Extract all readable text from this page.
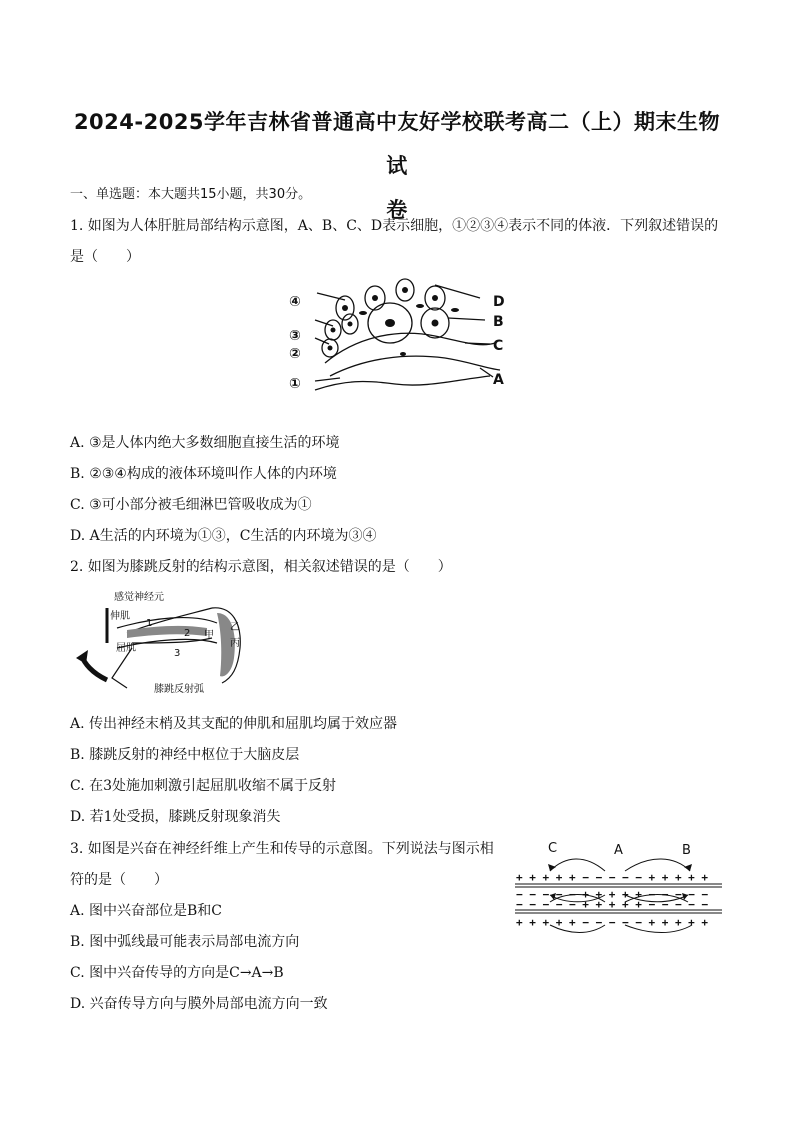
2024-2025学年吉林省普通高中友好学校联考高二（上）期末生物试
卷
一、单选题：本大题共15小题，共30分。
1. 如图为人体肝脏局部结构示意图，A、B、C、D表示细胞，①②③④表示不同的体液．下列叙述错误的
是（　　）
④
③
②
①
D
B
C
A
A. ③是人体内绝大多数细胞直接生活的环境
B. ②③④构成的液体环境叫作人体的内环境
C. ③可小部分被毛细淋巴管吸收成为①
D. A生活的内环境为①③，C生活的内环境为③④
2. 如图为膝跳反射的结构示意图，相关叙述错误的是（　　）
感觉神经元
伸肌
屈肌
膝跳反射弧
1
2
3
甲
乙
丙
A. 传出神经末梢及其支配的伸肌和屈肌均属于效应器
B. 膝跳反射的神经中枢位于大脑皮层
C. 在3处施加刺激引起屈肌收缩不属于反射
D. 若1处受损，膝跳反射现象消失
3. 如图是兴奋在神经纤维上产生和传导的示意图。下列说法与图示相
符的是（　　）
C	A	B
+ + + + + − − − − − + + + + +
− − − − − + + + + + − − − − −
− − − − − + + + + + − − − − −
+ + + + + − − − − − + + + + +
A. 图中兴奋部位是B和C
B. 图中弧线最可能表示局部电流方向
C. 图中兴奋传导的方向是C→A→B
D. 兴奋传导方向与膜外局部电流方向一致
